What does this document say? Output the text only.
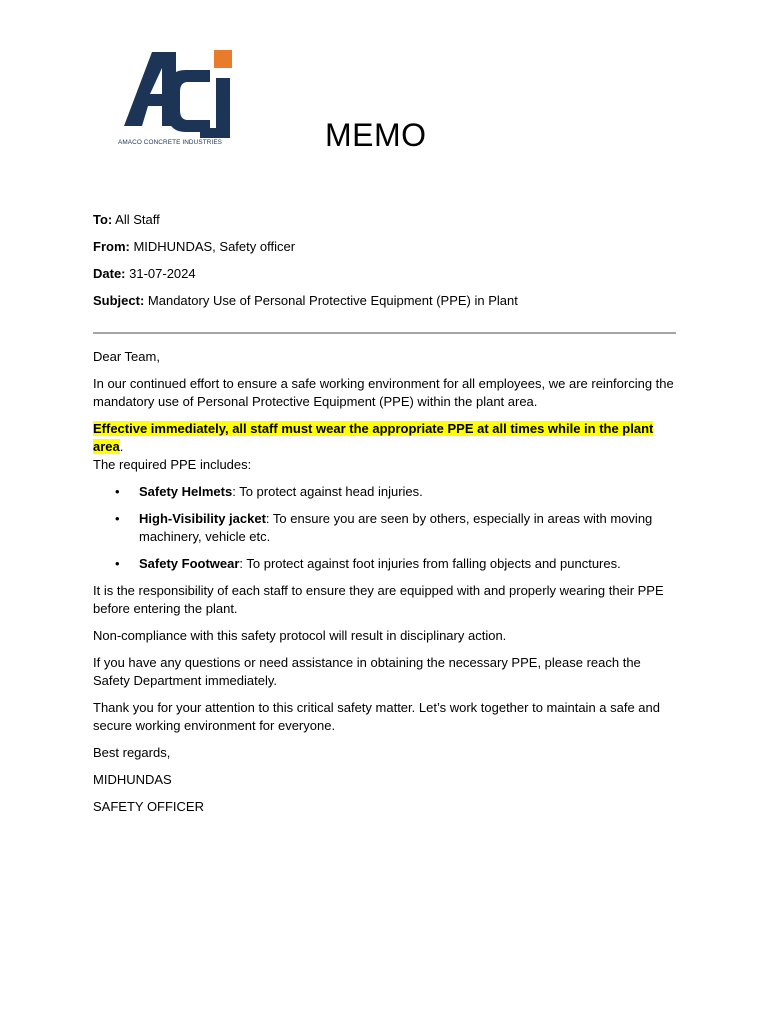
AMACO CONCRETE INDUSTRIES	MEMO
To: All Staff
From: MIDHUNDAS, Safety officer
Date: 31-07-2024
Subject: Mandatory Use of Personal Protective Equipment (PPE) in Plant

Dear Team,

In our continued effort to ensure a safe working environment for all employees, we are reinforcing the mandatory use of Personal Protective Equipment (PPE) within the plant area.

Effective immediately, all staff must wear the appropriate PPE at all times while in the plant area.
The required PPE includes:

• Safety Helmets: To protect against head injuries.
• High-Visibility jacket: To ensure you are seen by others, especially in areas with moving machinery, vehicle etc.
• Safety Footwear: To protect against foot injuries from falling objects and punctures.

It is the responsibility of each staff to ensure they are equipped with and properly wearing their PPE before entering the plant.

Non-compliance with this safety protocol will result in disciplinary action.

If you have any questions or need assistance in obtaining the necessary PPE, please reach the Safety Department immediately.

Thank you for your attention to this critical safety matter. Let’s work together to maintain a safe and secure working environment for everyone.

Best regards,

MIDHUNDAS

SAFETY OFFICER
